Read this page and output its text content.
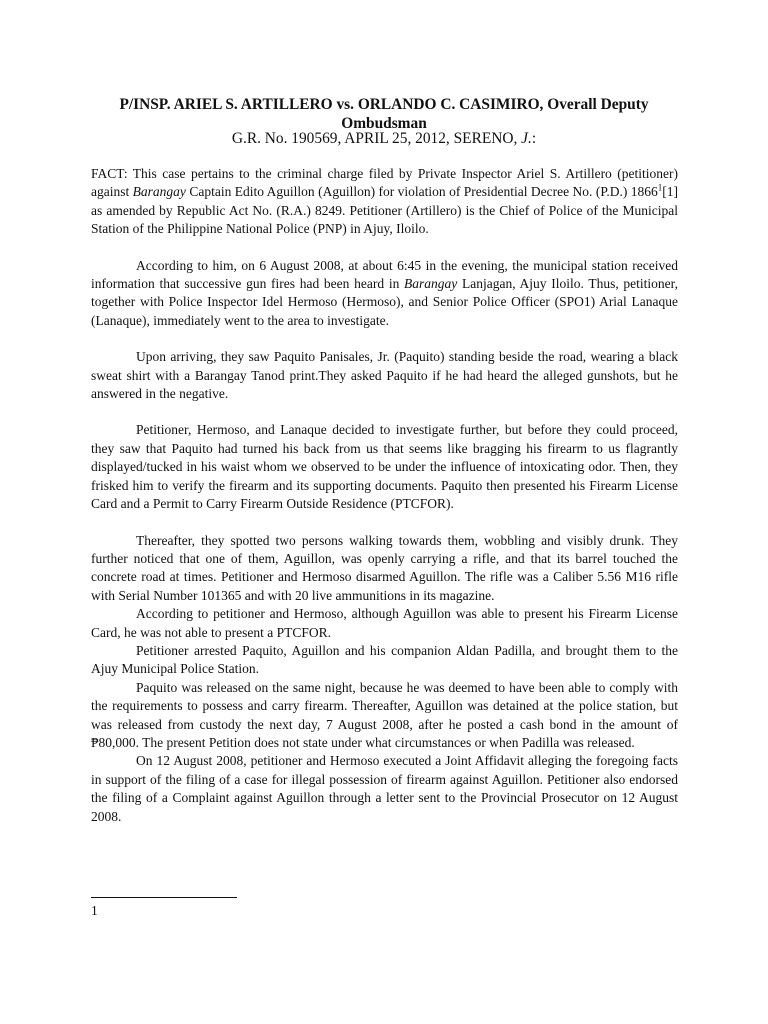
P/INSP. ARIEL S. ARTILLERO vs. ORLANDO C. CASIMIRO, Overall Deputy
Ombudsman
G.R. No. 190569, APRIL 25, 2012, SERENO, J.:

FACT: This case pertains to the criminal charge filed by Private Inspector Ariel S. Artillero (petitioner) against Barangay Captain Edito Aguillon (Aguillon) for violation of Presidential Decree No. (P.D.) 1866$^1$[1] as amended by Republic Act No. (R.A.) 8249. Petitioner (Artillero) is the Chief of Police of the Municipal Station of the Philippine National Police (PNP) in Ajuy, Iloilo.

According to him, on 6 August 2008, at about 6:45 in the evening, the municipal station received information that successive gun fires had been heard in Barangay Lanjagan, Ajuy Iloilo. Thus, petitioner, together with Police Inspector Idel Hermoso (Hermoso), and Senior Police Officer (SPO1) Arial Lanaque (Lanaque), immediately went to the area to investigate.

Upon arriving, they saw Paquito Panisales, Jr. (Paquito) standing beside the road, wearing a black sweat shirt with a Barangay Tanod print.They asked Paquito if he had heard the alleged gunshots, but he answered in the negative.

Petitioner, Hermoso, and Lanaque decided to investigate further, but before they could proceed, they saw that Paquito had turned his back from us that seems like bragging his firearm to us flagrantly displayed/tucked in his waist whom we observed to be under the influence of intoxicating odor. Then, they frisked him to verify the firearm and its supporting documents. Paquito then presented his Firearm License Card and a Permit to Carry Firearm Outside Residence (PTCFOR).

Thereafter, they spotted two persons walking towards them, wobbling and visibly drunk. They further noticed that one of them, Aguillon, was openly carrying a rifle, and that its barrel touched the concrete road at times. Petitioner and Hermoso disarmed Aguillon. The rifle was a Caliber 5.56 M16 rifle with Serial Number 101365 and with 20 live ammunitions in its magazine.

According to petitioner and Hermoso, although Aguillon was able to present his Firearm License Card, he was not able to present a PTCFOR.

Petitioner arrested Paquito, Aguillon and his companion Aldan Padilla, and brought them to the Ajuy Municipal Police Station.

Paquito was released on the same night, because he was deemed to have been able to comply with the requirements to possess and carry firearm. Thereafter, Aguillon was detained at the police station, but was released from custody the next day, 7 August 2008, after he posted a cash bond in the amount of ₱80,000. The present Petition does not state under what circumstances or when Padilla was released.

On 12 August 2008, petitioner and Hermoso executed a Joint Affidavit alleging the foregoing facts in support of the filing of a case for illegal possession of firearm against Aguillon. Petitioner also endorsed the filing of a Complaint against Aguillon through a letter sent to the Provincial Prosecutor on 12 August 2008.

1
